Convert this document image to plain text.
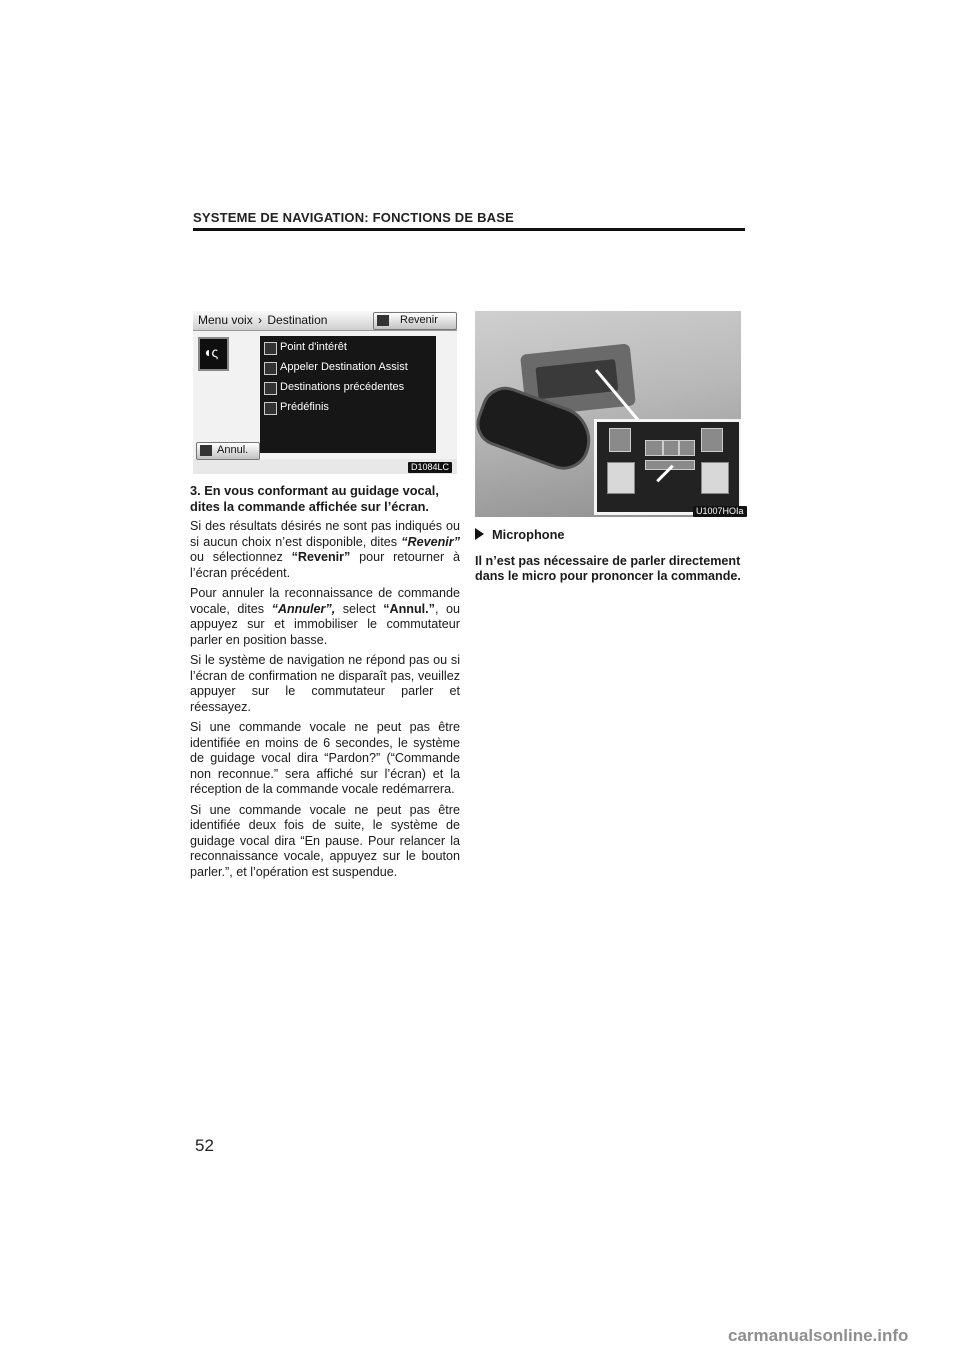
SYSTEME DE NAVIGATION: FONCTIONS DE BASE
Menu voix › Destination	Revenir
◖ς	Point d'intérêt
Appeler Destination Assist
Destinations précédentes
Prédéfinis
Annul.
D1084LC

3. En vous conformant au guidage vocal, dites la commande affichée sur l’écran.

Si des résultats désirés ne sont pas indiqués ou si aucun choix n’est disponible, dites “Revenir” ou sélectionnez “Revenir” pour retourner à l’écran précédent.

Pour annuler la reconnaissance de commande vocale, dites “Annuler”, select “Annul.”, ou appuyez sur et immobiliser le commutateur parler en position basse.

Si le système de navigation ne répond pas ou si l’écran de confirmation ne disparaît pas, veuillez appuyer sur le commutateur parler et réessayez.

Si une commande vocale ne peut pas être identifiée en moins de 6 secondes, le système de guidage vocal dira “Pardon?” (“Commande non reconnue.” sera affiché sur l’écran) et la réception de la commande vocale redémarrera.

Si une commande vocale ne peut pas être identifiée deux fois de suite, le système de guidage vocal dira “En pause. Pour relancer la reconnaissance vocale, appuyez sur le bouton parler.”, et l’opération est suspendue.

U1007HOIa
Microphone

Il n’est pas nécessaire de parler directement dans le micro pour prononcer la commande.

52
carmanualsonline.info
